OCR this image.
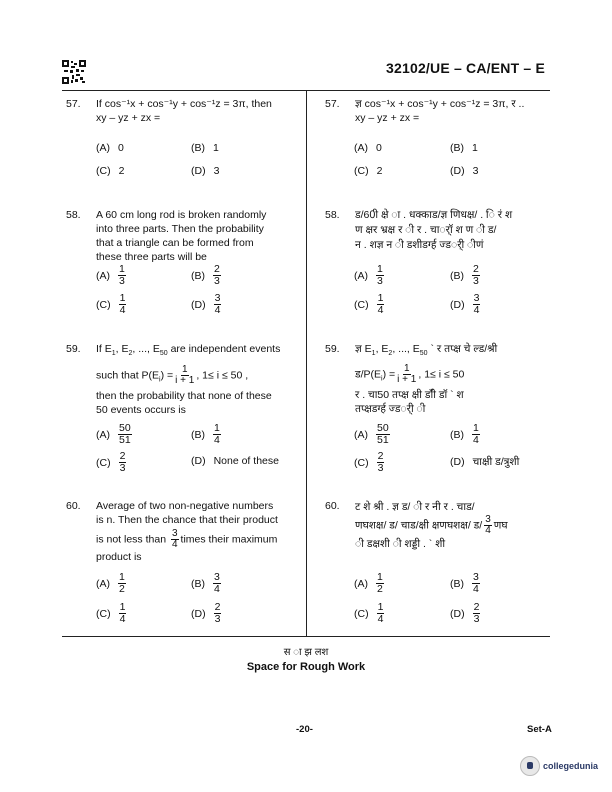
32102/UE – CA/ENT – E
57. If cos⁻¹x + cos⁻¹y + cos⁻¹z = 3π, then
xy – yz + zx =
(A) 0	(B) 1
(C) 2	(D) 3
58. A 60 cm long rod is broken randomly
into three parts. Then the probability
that a triangle can be formed from
these three parts will be
$(A) \frac{1}{3}$	$(B) \frac{2}{3}$
$(C) \frac{1}{4}$	$(D) \frac{3}{4}$
59. If $E_1$, $E_2$, ..., $E_{50}$ are independent events
such that $P(E_i) = \frac{1}{i + 1}$ , 1≤ i ≤ 50 ,
then the probability that none of these
50 events occurs is
$(A) \frac{50}{51}$	$(B) \frac{1}{4}$
$(C) \frac{2}{3}$	(D) None of these
60. Average of two non-negative numbers
is n. Then the chance that their product
is not less than $\frac{3}{4}$ times their maximum
product is
$(A) \frac{1}{2}$	$(B) \frac{3}{4}$
$(C) \frac{1}{4}$	$(D) \frac{2}{3}$
57. ज्ञ cos⁻¹x + cos⁻¹y + cos⁻¹z = 3π, र ..
xy – yz + zx =
(A) 0	(B) 1
(C) 2	(D) 3
58. ड/60ी क्षे ा . धक्काड/ज्ञ णिधक्ष/ . ि रं श
ण क्षर भ्रक्ष र ी र . चार्ॉ श ण ी ड/
न . शज्ञ न ी डशीडर्ग्ह ज्डर्ी ीणं
$(A) \frac{1}{3}$	$(B) \frac{2}{3}$
$(C) \frac{1}{4}$	$(D) \frac{3}{4}$
59. ज्ञ $E_1$, $E_2$, ..., $E_{50}$ ` र तप्क्ष चे ल्ड/श्री
$ड/P(E_i) = \frac{1}{i + 1}$ , 1≤ i ≤ 50
र . चा50 तप्क्ष क्षी डॉी डॉ ` श
तप्क्षडर्ग्ह ज्डर्ी ी
$(A) \frac{50}{51}$	$(B) \frac{1}{4}$
$(C) \frac{2}{3}$	(D) चाक्षी ड/त्रुशी
60. ट शे श्री . ज्ञ ड/ ी र नी र . चाड/
णघशक्ष/ ड/ चाड/क्षी क्षणघशक्ष/ ड/ $\frac{3}{4}$ णघ
ी डक्षशी ी शड्डी . ` शी
$(A) \frac{1}{2}$	$(B) \frac{3}{4}$
$(C) \frac{1}{4}$	$(D) \frac{2}{3}$
स ा झ लश
Space for Rough Work
-20-	Set-A
collegedunia
